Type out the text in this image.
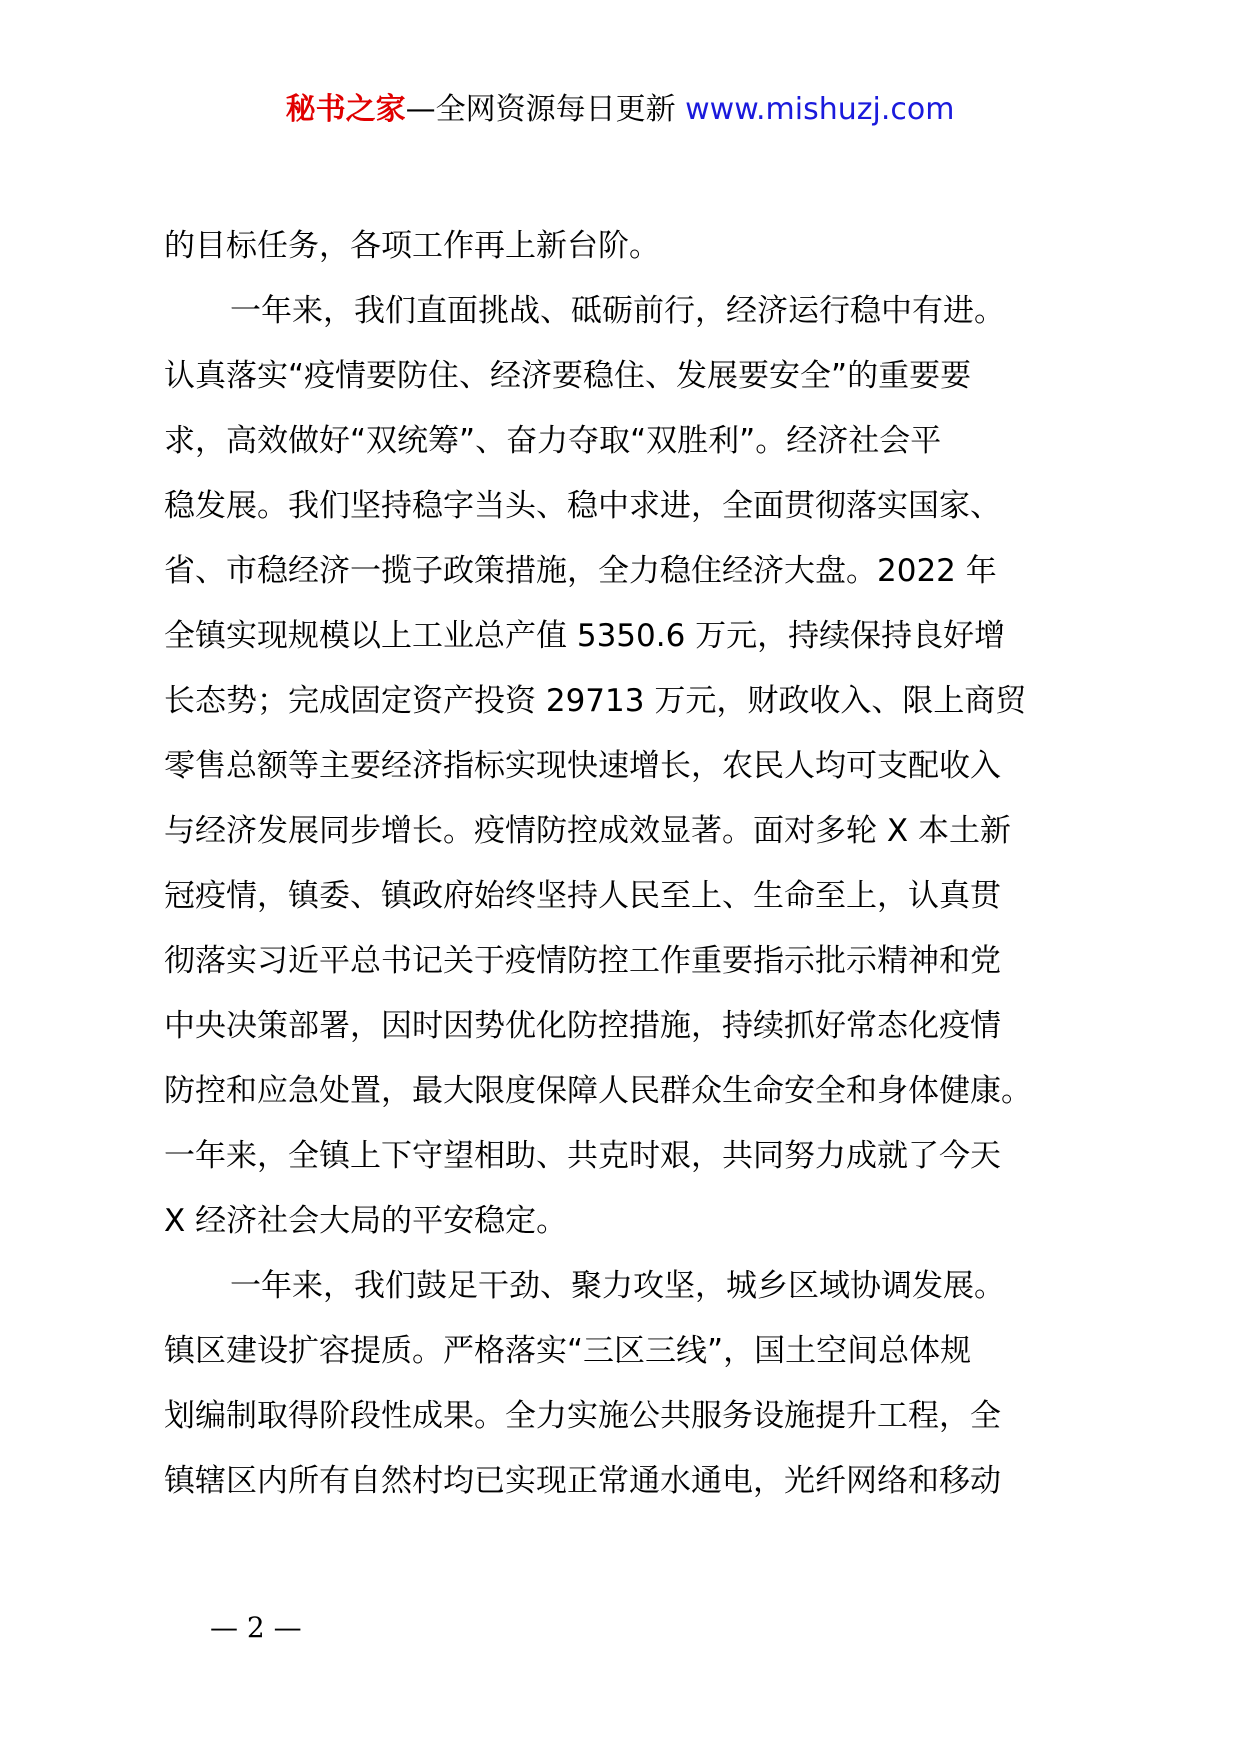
秘书之家—全网资源每日更新 www.mishuzj.com
的目标任务，各项工作再上新台阶。
一年来，我们直面挑战、砥砺前行，经济运行稳中有进。
认真落实“疫情要防住、经济要稳住、发展要安全”的重要要
求，高效做好“双统筹”、奋力夺取“双胜利”。经济社会平
稳发展。我们坚持稳字当头、稳中求进，全面贯彻落实国家、
省、市稳经济一揽子政策措施，全力稳住经济大盘。2022 年
全镇实现规模以上工业总产值 5350.6 万元，持续保持良好增
长态势；完成固定资产投资 29713 万元，财政收入、限上商贸
零售总额等主要经济指标实现快速增长，农民人均可支配收入
与经济发展同步增长。疫情防控成效显著。面对多轮 X 本土新
冠疫情，镇委、镇政府始终坚持人民至上、生命至上，认真贯
彻落实习近平总书记关于疫情防控工作重要指示批示精神和党
中央决策部署，因时因势优化防控措施，持续抓好常态化疫情
防控和应急处置，最大限度保障人民群众生命安全和身体健康。
一年来，全镇上下守望相助、共克时艰，共同努力成就了今天
X 经济社会大局的平安稳定。
一年来，我们鼓足干劲、聚力攻坚，城乡区域协调发展。
镇区建设扩容提质。严格落实“三区三线”，国土空间总体规
划编制取得阶段性成果。全力实施公共服务设施提升工程，全
镇辖区内所有自然村均已实现正常通水通电，光纤网络和移动
— 2 —
